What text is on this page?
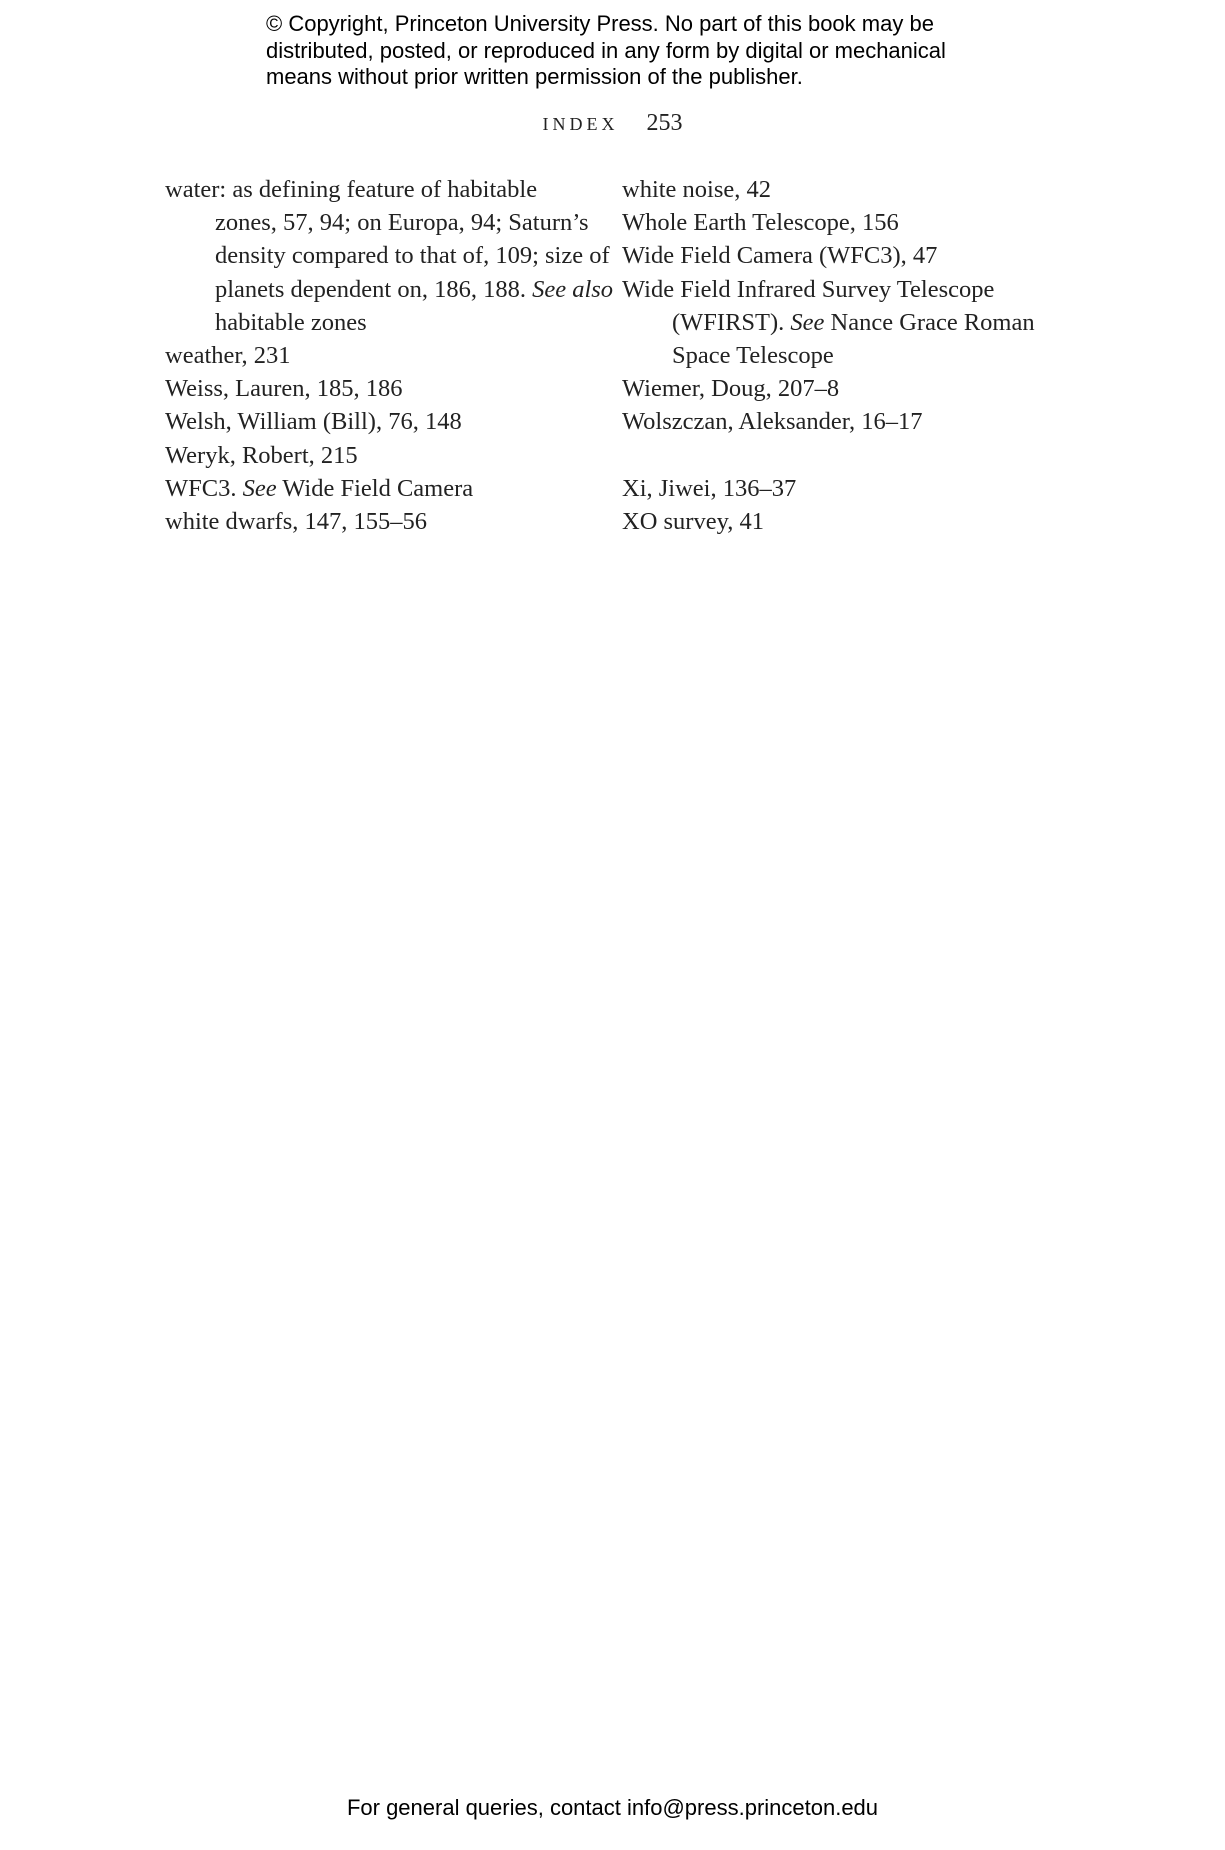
© Copyright, Princeton University Press. No part of this book may be
distributed, posted, or reproduced in any form by digital or mechanical
means without prior written permission of the publisher.
INDEX 253
water: as defining feature of habitable
zones, 57, 94; on Europa, 94; Saturn’s
density compared to that of, 109; size of
planets dependent on, 186, 188. See also
habitable zones
weather, 231
Weiss, Lauren, 185, 186
Welsh, William (Bill), 76, 148
Weryk, Robert, 215
WFC3. See Wide Field Camera
white dwarfs, 147, 155–56
white noise, 42
Whole Earth Telescope, 156
Wide Field Camera (WFC3), 47
Wide Field Infrared Survey Telescope
(WFIRST). See Nance Grace Roman
Space Telescope
Wiemer, Doug, 207–8
Wolszczan, Aleksander, 16–17
Xi, Jiwei, 136–37
XO survey, 41
For general queries, contact info@press.princeton.edu
